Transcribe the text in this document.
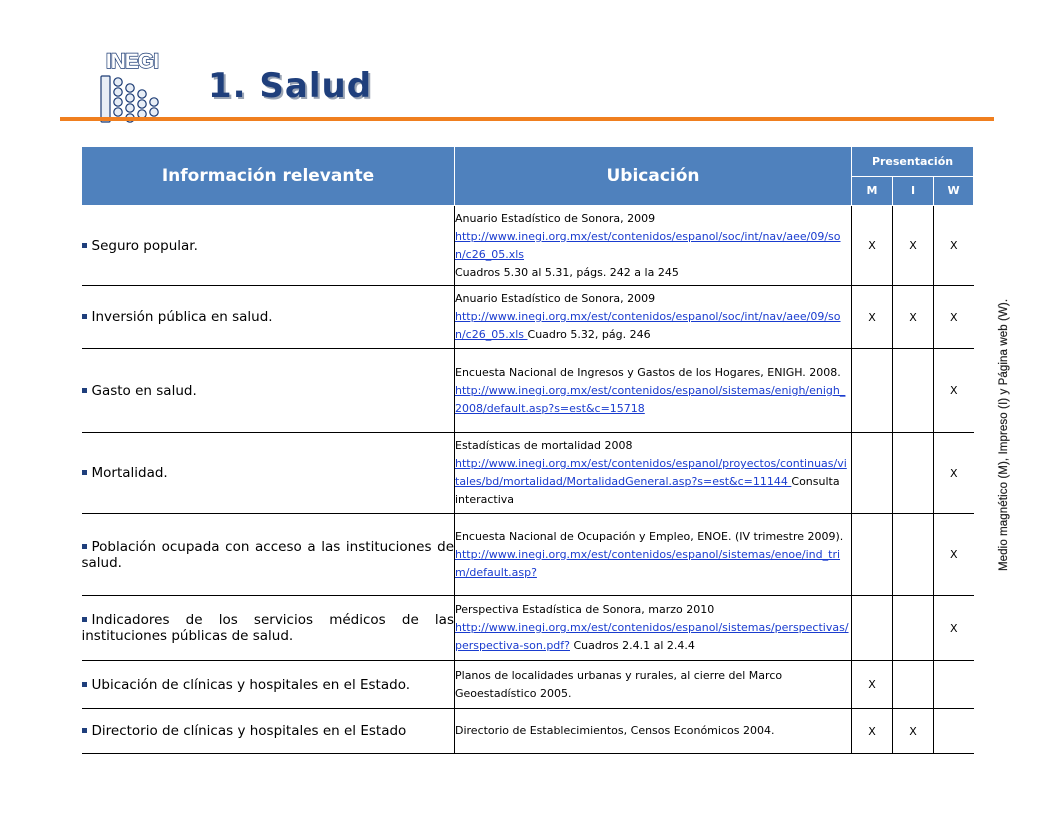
INEGI
1. Salud
Medio magnético (M), Impreso (I) y Página web (W).
Información relevante	Ubicación	Presentación		
		M	I	W

Seguro popular.	Anuario Estadístico de Sonora, 2009
http://www.inegi.org.mx/est/contenidos/espanol/soc/int/nav/aee/09/son/c26_05.xls
Cuadros 5.30 al 5.31, págs. 242 a la 245	X	X	X

Inversión pública en salud.	Anuario Estadístico de Sonora, 2009
http://www.inegi.org.mx/est/contenidos/espanol/soc/int/nav/aee/09/son/c26_05.xls Cuadro 5.32, pág. 246	X	X	X

Gasto en salud.	Encuesta Nacional de Ingresos y Gastos de los Hogares, ENIGH. 2008.
http://www.inegi.org.mx/est/contenidos/espanol/sistemas/enigh/enigh_2008/default.asp?s=est&c=15718			X

Mortalidad.	Estadísticas de mortalidad 2008
http://www.inegi.org.mx/est/contenidos/espanol/proyectos/continuas/vitales/bd/mortalidad/MortalidadGeneral.asp?s=est&c=11144 Consulta interactiva			X

Población ocupada con acceso a las instituciones de salud.	Encuesta Nacional de Ocupación y Empleo, ENOE. (IV trimestre 2009).
http://www.inegi.org.mx/est/contenidos/espanol/sistemas/enoe/ind_trim/default.asp?			X

Indicadores de los servicios médicos de las instituciones públicas de salud.	Perspectiva Estadística de Sonora, marzo 2010
http://www.inegi.org.mx/est/contenidos/espanol/sistemas/perspectivas/perspectiva-son.pdf? Cuadros 2.4.1 al 2.4.4			X

Ubicación de clínicas y hospitales en el Estado.	Planos de localidades urbanas y rurales, al cierre del Marco Geoestadístico 2005.	X		

Directorio de clínicas y hospitales en el Estado	Directorio de Establecimientos, Censos Económicos 2004.	X	X	
